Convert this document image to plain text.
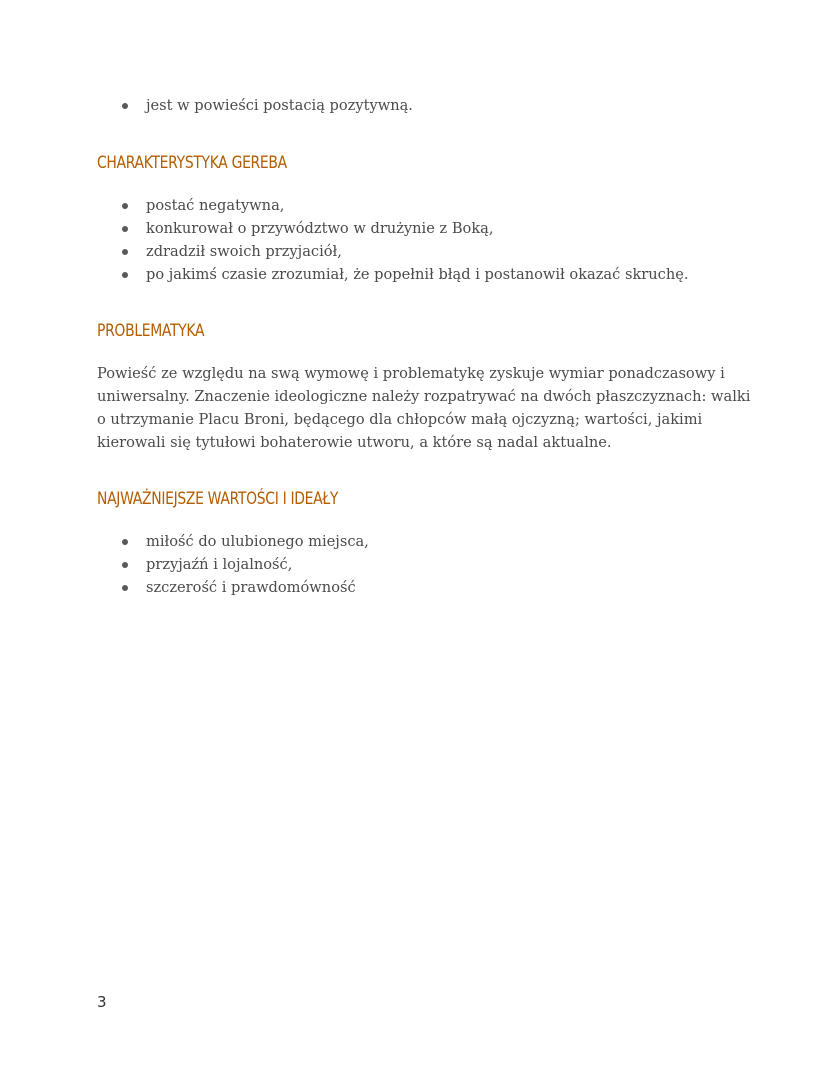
jest w powieści postacią pozytywną.
CHARAKTERYSTYKA GEREBA
postać negatywna,
konkurował o przywództwo w drużynie z Boką,
zdradził swoich przyjaciół,
po jakimś czasie zrozumiał, że popełnił błąd i postanowił okazać skruchę.
PROBLEMATYKA

Powieść ze względu na swą wymowę i problematykę zyskuje wymiar ponadczasowy i
uniwersalny. Znaczenie ideologiczne należy rozpatrywać na dwóch płaszczyznach: walki
o utrzymanie Placu Broni, będącego dla chłopców małą ojczyzną; wartości, jakimi
kierowali się tytułowi bohaterowie utworu, a które są nadal aktualne.

NAJWAŻNIEJSZE WARTOŚCI I IDEAŁY
miłość do ulubionego miejsca,
przyjaźń i lojalność,
szczerość i prawdomówność
3
